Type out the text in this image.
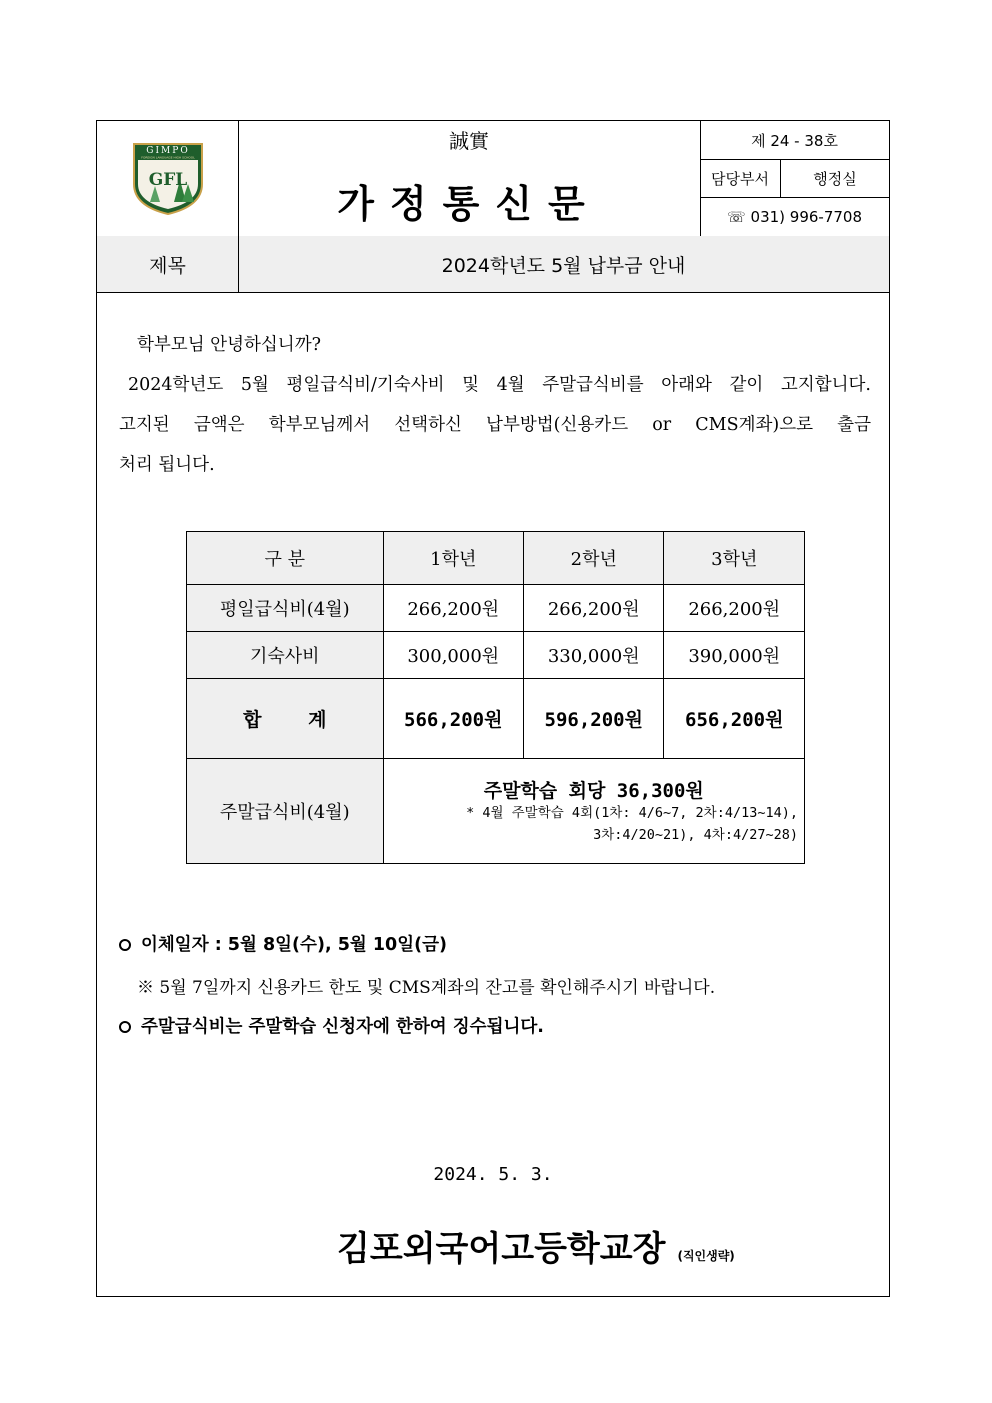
GIMPO
FOREIGN LANGUAGE HIGH SCHOOL
GFL
誠實
가정통신문
제 24 - 38호
담당부서	행정실
☏ 031) 996-7708
제목	2024학년도 5월 납부금 안내
학부모님 안녕하십니까?
2024학년도 5월 평일급식비/기숙사비 및 4월 주말급식비를 아래와 같이 고지합니다.
고지된 금액은 학부모님께서 선택하신 납부방법(신용카드 or CMS계좌)으로 출금
처리 됩니다.
구 분	1학년	2학년	3학년
평일급식비(4월)	266,200원	266,200원	266,200원
기숙사비	300,000원	330,000원	390,000원
합 계	566,200원	596,200원	656,200원
주말급식비(4월)	주말학습 회당 36,300원
* 4월 주말학습 4회(1차: 4/6~7, 2차:4/13~14),
3차:4/20~21), 4차:4/27~28)		
이체일자 : 5월 8일(수), 5월 10일(금)
※ 5월 7일까지 신용카드 한도 및 CMS계좌의 잔고를 확인해주시기 바랍니다.
주말급식비는 주말학습 신청자에 한하여 징수됩니다.
2024. 5. 3.
김포외국어고등학교장 (직인생략)
